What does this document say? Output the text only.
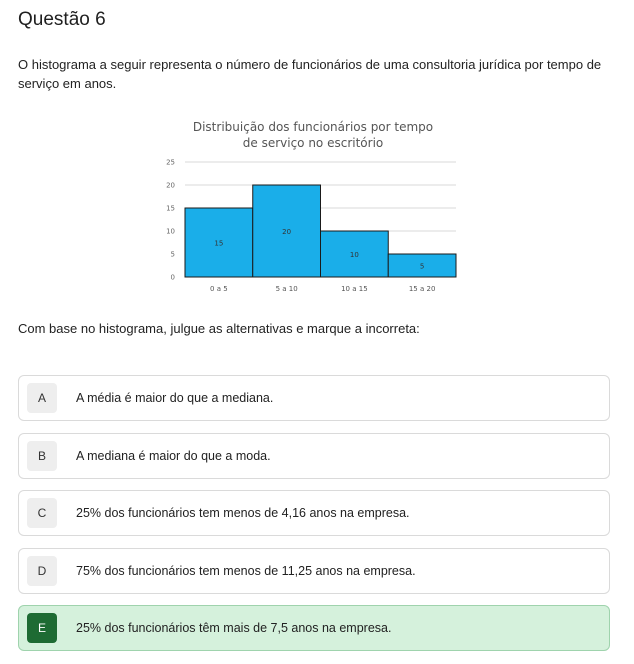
Questão 6
O histograma a seguir representa o número de funcionários de uma consultoria jurídica por tempo de serviço em anos.
Distribuição dos funcionários por tempo
de serviço no escritório
0
5
10
15
20
25
15
0 a 5
20
5 a 10
10
10 a 15
5
15 a 20
Com base no histograma, julgue as alternativas e marque a incorreta:
A	A média é maior do que a mediana.
B	A mediana é maior do que a moda.
C	25% dos funcionários tem menos de 4,16 anos na empresa.
D	75% dos funcionários tem menos de 11,25 anos na empresa.
E	25% dos funcionários têm mais de 7,5 anos na empresa.
